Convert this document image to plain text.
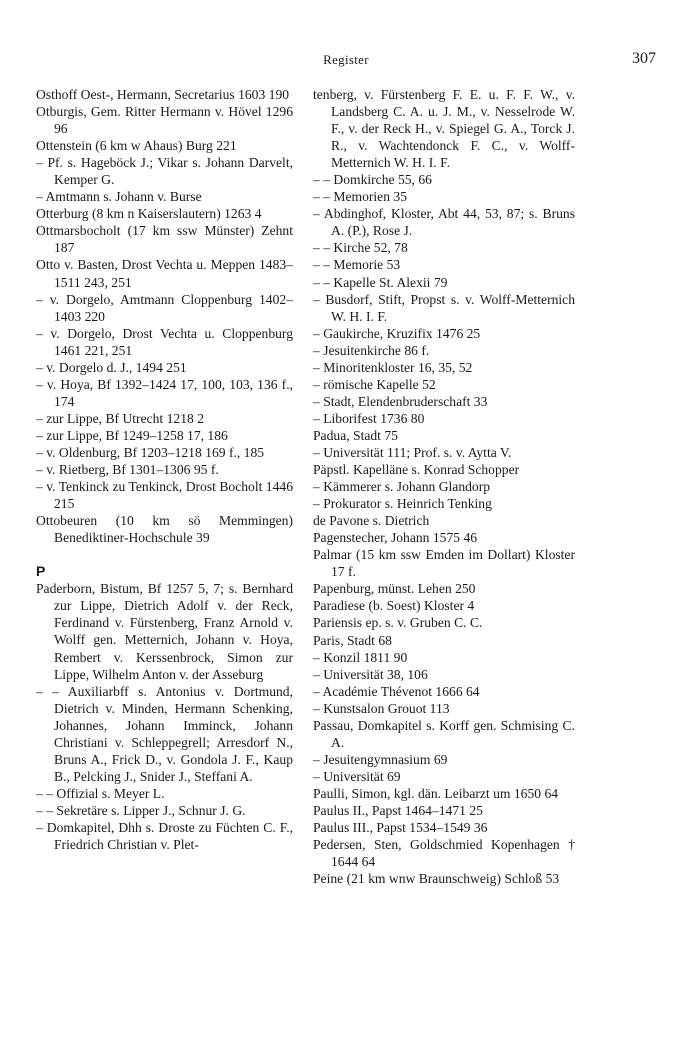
Register	307

Osthoff Oest-, Hermann, Secretarius 1603 190

Otburgis, Gem. Ritter Hermann v. Hövel 1296 96

Ottenstein (6 km w Ahaus) Burg 221

– Pf. s. Hageböck J.; Vikar s. Johann Darvelt, Kemper G.

– Amtmann s. Johann v. Burse

Otterburg (8 km n Kaiserslautern) 1263 4

Ottmarsbocholt (17 km ssw Münster) Zehnt 187

Otto v. Basten, Drost Vechta u. Meppen 1483–1511 243, 251

– v. Dorgelo, Amtmann Cloppenburg 1402–1403 220

– v. Dorgelo, Drost Vechta u. Cloppenburg 1461 221, 251

– v. Dorgelo d. J., 1494 251

– v. Hoya, Bf 1392–1424 17, 100, 103, 136 f., 174

– zur Lippe, Bf Utrecht 1218 2

– zur Lippe, Bf 1249–1258 17, 186

– v. Oldenburg, Bf 1203–1218 169 f., 185

– v. Rietberg, Bf 1301–1306 95 f.

– v. Tenkinck zu Tenkinck, Drost Bocholt 1446 215

Ottobeuren (10 km sö Memmingen) Benediktiner-Hochschule 39

P

Paderborn, Bistum, Bf 1257 5, 7; s. Bernhard zur Lippe, Dietrich Adolf v. der Reck, Ferdinand v. Fürstenberg, Franz Arnold v. Wolff gen. Metternich, Johann v. Hoya, Rembert v. Kerssenbrock, Simon zur Lippe, Wilhelm Anton v. der Asseburg

– – Auxiliarbff s. Antonius v. Dortmund, Dietrich v. Minden, Hermann Schenking, Johannes, Johann Imminck, Johann Christiani v. Schleppegrell; Arresdorf N., Bruns A., Frick D., v. Gondola J. F., Kaup B., Pelcking J., Snider J., Steffani A.

– – Offizial s. Meyer L.

– – Sekretäre s. Lipper J., Schnur J. G.

– Domkapitel, Dhh s. Droste zu Füchten C. F., Friedrich Christian v. Plet-

tenberg, v. Fürstenberg F. E. u. F. F. W., v. Landsberg C. A. u. J. M., v. Nesselrode W. F., v. der Reck H., v. Spiegel G. A., Torck J. R., v. Wachtendonck F. C., v. Wolff-Metternich W. H. I. F.

– – Domkirche 55, 66

– – Memorien 35

– Abdinghof, Kloster, Abt 44, 53, 87; s. Bruns A. (P.), Rose J.

– – Kirche 52, 78

– – Memorie 53

– – Kapelle St. Alexii 79

– Busdorf, Stift, Propst s. v. Wolff-Metternich W. H. I. F.

– Gaukirche, Kruzifix 1476 25

– Jesuitenkirche 86 f.

– Minoritenkloster 16, 35, 52

– römische Kapelle 52

– Stadt, Elendenbruderschaft 33

– Liborifest 1736 80

Padua, Stadt 75

– Universität 111; Prof. s. v. Aytta V.

Päpstl. Kapelläne s. Konrad Schopper

– Kämmerer s. Johann Glandorp

– Prokurator s. Heinrich Tenking

de Pavone s. Dietrich

Pagenstecher, Johann 1575 46

Palmar (15 km ssw Emden im Dollart) Kloster 17 f.

Papenburg, münst. Lehen 250

Paradiese (b. Soest) Kloster 4

Pariensis ep. s. v. Gruben C. C.

Paris, Stadt 68

– Konzil 1811 90

– Universität 38, 106

– Académie Thévenot 1666 64

– Kunstsalon Grouot 113

Passau, Domkapitel s. Korff gen. Schmising C. A.

– Jesuitengymnasium 69

– Universität 69

Paulli, Simon, kgl. dän. Leibarzt um 1650 64

Paulus II., Papst 1464–1471 25

Paulus III., Papst 1534–1549 36

Pedersen, Sten, Goldschmied Kopenhagen † 1644 64

Peine (21 km wnw Braunschweig) Schloß 53
